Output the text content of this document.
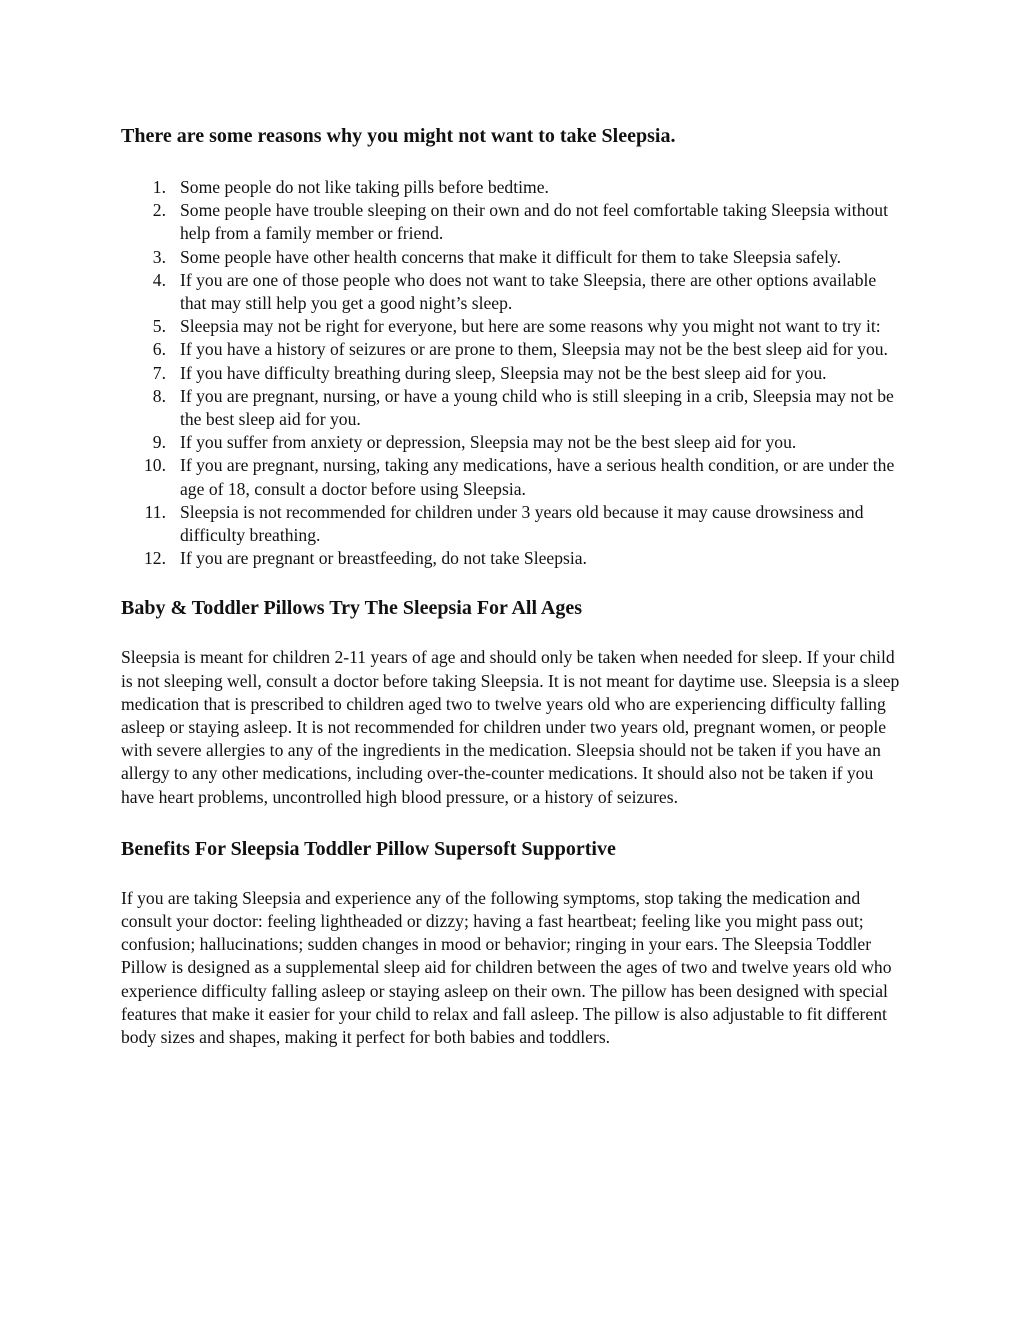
There are some reasons why you might not want to take Sleepsia.
1. Some people do not like taking pills before bedtime.
2. Some people have trouble sleeping on their own and do not feel comfortable taking Sleepsia without help from a family member or friend.
3. Some people have other health concerns that make it difficult for them to take Sleepsia safely.
4. If you are one of those people who does not want to take Sleepsia, there are other options available that may still help you get a good night’s sleep.
5. Sleepsia may not be right for everyone, but here are some reasons why you might not want to try it:
6. If you have a history of seizures or are prone to them, Sleepsia may not be the best sleep aid for you.
7. If you have difficulty breathing during sleep, Sleepsia may not be the best sleep aid for you.
8. If you are pregnant, nursing, or have a young child who is still sleeping in a crib, Sleepsia may not be the best sleep aid for you.
9. If you suffer from anxiety or depression, Sleepsia may not be the best sleep aid for you.
10. If you are pregnant, nursing, taking any medications, have a serious health condition, or are under the age of 18, consult a doctor before using Sleepsia.
11. Sleepsia is not recommended for children under 3 years old because it may cause drowsiness and difficulty breathing.
12. If you are pregnant or breastfeeding, do not take Sleepsia.
Baby & Toddler Pillows Try The Sleepsia For All Ages

Sleepsia is meant for children 2-11 years of age and should only be taken when needed for sleep. If your child is not sleeping well, consult a doctor before taking Sleepsia. It is not meant for daytime use. Sleepsia is a sleep medication that is prescribed to children aged two to twelve years old who are experiencing difficulty falling asleep or staying asleep. It is not recommended for children under two years old, pregnant women, or people with severe allergies to any of the ingredients in the medication. Sleepsia should not be taken if you have an allergy to any other medications, including over-the-counter medications. It should also not be taken if you have heart problems, uncontrolled high blood pressure, or a history of seizures.

Benefits For Sleepsia Toddler Pillow Supersoft Supportive

If you are taking Sleepsia and experience any of the following symptoms, stop taking the medication and consult your doctor: feeling lightheaded or dizzy; having a fast heartbeat; feeling like you might pass out; confusion; hallucinations; sudden changes in mood or behavior; ringing in your ears. The Sleepsia Toddler Pillow is designed as a supplemental sleep aid for children between the ages of two and twelve years old who experience difficulty falling asleep or staying asleep on their own. The pillow has been designed with special features that make it easier for your child to relax and fall asleep. The pillow is also adjustable to fit different body sizes and shapes, making it perfect for both babies and toddlers.
